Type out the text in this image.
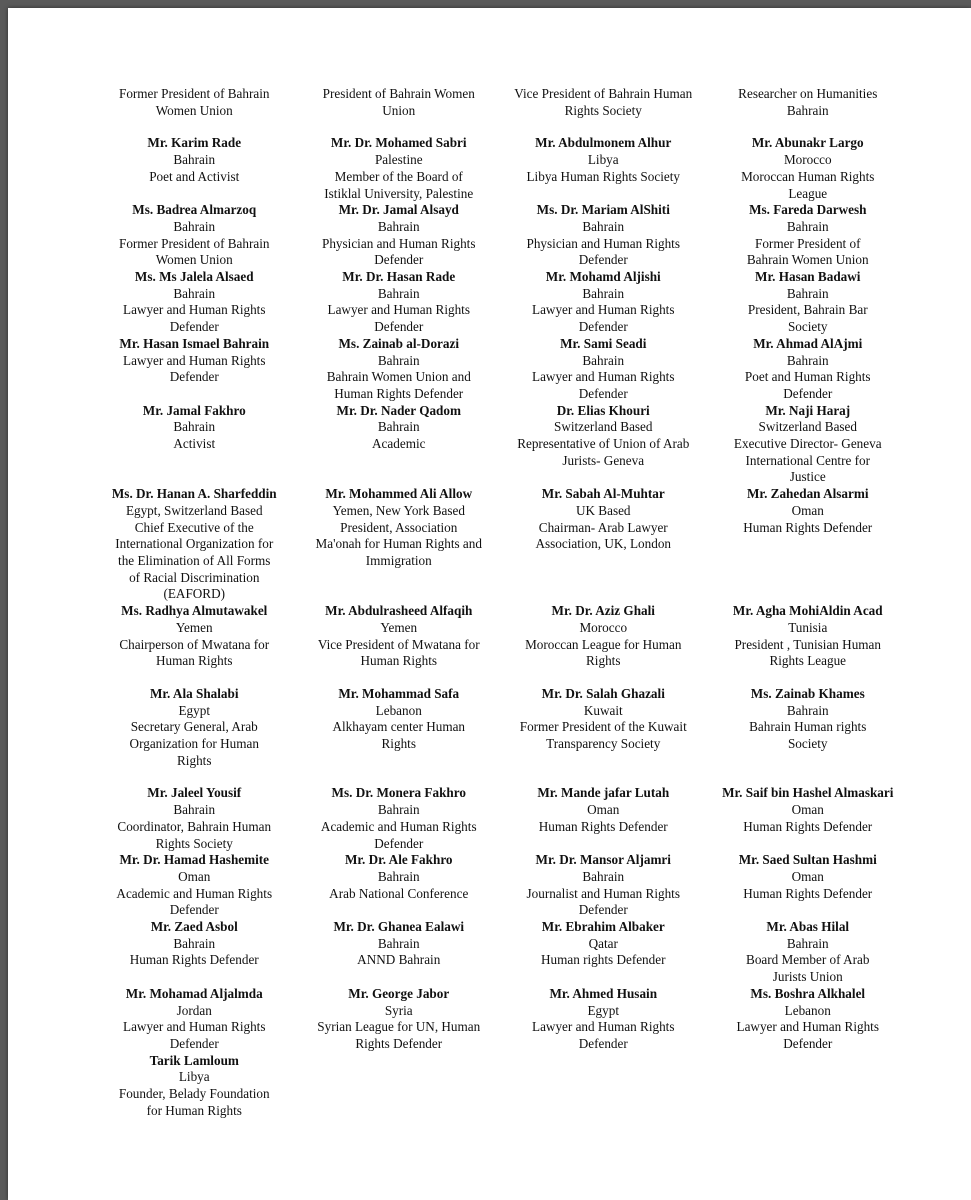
Former President of Bahrain
Women Union
President of Bahrain Women
Union
Vice President of Bahrain Human
Rights Society
Researcher on Humanities
Bahrain
Mr. Karim Rade
Bahrain
Poet and Activist
Mr. Dr. Mohamed Sabri
Palestine
Member of the Board of
Istiklal University, Palestine
Mr. Abdulmonem Alhur
Libya
Libya Human Rights Society
Mr. Abunakr Largo
Morocco
Moroccan Human Rights
League
Ms. Badrea Almarzoq
Bahrain
Former President of Bahrain
Women Union
Mr. Dr. Jamal Alsayd
Bahrain
Physician and Human Rights
Defender
Ms. Dr. Mariam AlShiti
Bahrain
Physician and Human Rights
Defender
Ms. Fareda Darwesh
Bahrain
Former President of
Bahrain Women Union
Ms. Ms Jalela Alsaed
Bahrain
Lawyer and Human Rights
Defender
Mr. Dr. Hasan Rade
Bahrain
Lawyer and Human Rights
Defender
Mr. Mohamd Aljishi
Bahrain
Lawyer and Human Rights
Defender
Mr. Hasan Badawi
Bahrain
President, Bahrain Bar
Society
Mr. Hasan Ismael Bahrain
Lawyer and Human Rights
Defender
Ms. Zainab al-Dorazi
Bahrain
Bahrain Women Union and
Human Rights Defender
Mr. Sami Seadi
Bahrain
Lawyer and Human Rights
Defender
Mr. Ahmad AlAjmi
Bahrain
Poet and Human Rights
Defender
Mr. Jamal Fakhro
Bahrain
Activist
Mr. Dr. Nader Qadom
Bahrain
Academic
Dr. Elias Khouri
Switzerland Based
Representative of Union of Arab
Jurists- Geneva
Mr. Naji Haraj
Switzerland Based
Executive Director- Geneva
International Centre for
Justice
Ms. Dr. Hanan A. Sharfeddin
Egypt, Switzerland Based
Chief Executive of the
International Organization for
the Elimination of All Forms
of Racial Discrimination
(EAFORD)
Mr. Mohammed Ali Allow
Yemen, New York Based
President, Association
Ma'onah for Human Rights and
Immigration
Mr. Sabah Al-Muhtar
UK Based
Chairman- Arab Lawyer
Association, UK, London
Mr. Zahedan Alsarmi
Oman
Human Rights Defender
Ms. Radhya Almutawakel
Yemen
Chairperson of Mwatana for
Human Rights
Mr. Abdulrasheed Alfaqih
Yemen
Vice President of Mwatana for
Human Rights
Mr. Dr. Aziz Ghali
Morocco
Moroccan League for Human
Rights
Mr. Agha MohiAldin Acad
Tunisia
President , Tunisian Human
Rights League
Mr. Ala Shalabi
Egypt
Secretary General, Arab
Organization for Human
Rights
Mr. Mohammad Safa
Lebanon
Alkhayam center Human
Rights
Mr. Dr. Salah Ghazali
Kuwait
Former President of the Kuwait
Transparency Society
Ms. Zainab Khames
Bahrain
Bahrain Human rights
Society
Mr. Jaleel Yousif
Bahrain
Coordinator, Bahrain Human
Rights Society
Ms. Dr. Monera Fakhro
Bahrain
Academic and Human Rights
Defender
Mr. Mande jafar Lutah
Oman
Human Rights Defender
Mr. Saif bin Hashel Almaskari
Oman
Human Rights Defender
Mr. Dr. Hamad Hashemite
Oman
Academic and Human Rights
Defender
Mr. Dr. Ale Fakhro
Bahrain
Arab National Conference
Mr. Dr. Mansor Aljamri
Bahrain
Journalist and Human Rights
Defender
Mr. Saed Sultan Hashmi
Oman
Human Rights Defender
Mr. Zaed Asbol
Bahrain
Human Rights Defender
Mr. Dr. Ghanea Ealawi
Bahrain
ANND Bahrain
Mr. Ebrahim Albaker
Qatar
Human rights Defender
Mr. Abas Hilal
Bahrain
Board Member of Arab
Jurists Union
Mr. Mohamad Aljalmda
Jordan
Lawyer and Human Rights
Defender
Mr. George Jabor
Syria
Syrian League for UN, Human
Rights Defender
Mr. Ahmed Husain
Egypt
Lawyer and Human Rights
Defender
Ms. Boshra Alkhalel
Lebanon
Lawyer and Human Rights
Defender
Tarik Lamloum
Libya
Founder, Belady Foundation
for Human Rights
